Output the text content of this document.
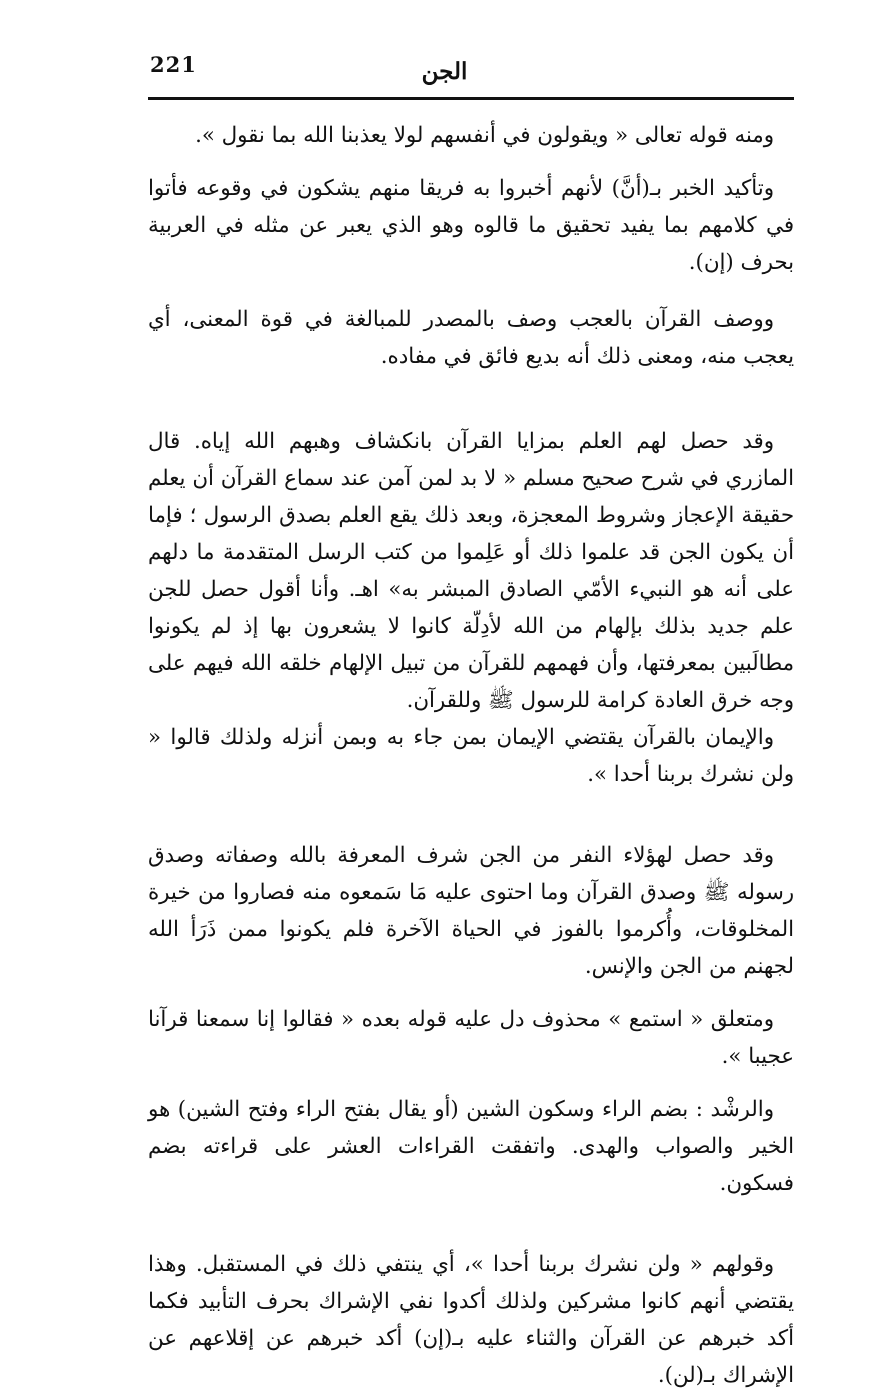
221	الجن

ومنه قوله تعالى « ويقولون في أنفسهم لولا يعذبنا الله بما نقول ».

وتأكيد الخبر بـ(أنَّ) لأنهم أخبروا به فريقا منهم يشكون في وقوعه فأتوا في كلامهم بما يفيد تحقيق ما قالوه وهو الذي يعبر عن مثله في العربية بحرف (إن).

ووصف القرآن بالعجب وصف بالمصدر للمبالغة في قوة المعنى، أي يعجب منه، ومعنى ذلك أنه بديع فائق في مفاده.

وقد حصل لهم العلم بمزايا القرآن بانكشاف وهبهم الله إياه. قال المازري في شرح صحيح مسلم « لا بد لمن آمن عند سماع القرآن أن يعلم حقيقة الإعجاز وشروط المعجزة، وبعد ذلك يقع العلم بصدق الرسول ؛ فإما أن يكون الجن قد علموا ذلك أو عَلِموا من كتب الرسل المتقدمة ما دلهم على أنه هو النبيء الأمّي الصادق المبشر به» اهـ. وأنا أقول حصل للجن علم جديد بذلك بإلهام من الله لأدِلّة كانوا لا يشعرون بها إذ لم يكونوا مطالَبين بمعرفتها، وأن فهمهم للقرآن من تبيل الإلهام خلقه الله فيهم على وجه خرق العادة كرامة للرسول ﷺ وللقرآن.

والإيمان بالقرآن يقتضي الإيمان بمن جاء به وبمن أنزله ولذلك قالوا « ولن نشرك بربنا أحدا ».

وقد حصل لهؤلاء النفر من الجن شرف المعرفة بالله وصفاته وصدق رسوله ﷺ وصدق القرآن وما احتوى عليه مَا سَمعوه منه فصاروا من خيرة المخلوقات، وأُكرموا بالفوز في الحياة الآخرة فلم يكونوا ممن ذَرَأ الله لجهنم من الجن والإنس.

ومتعلق « استمع » محذوف دل عليه قوله بعده « فقالوا إنا سمعنا قرآنا عجيبا ».

والرشْد : بضم الراء وسكون الشين (أو يقال بفتح الراء وفتح الشين) هو الخير والصواب والهدى. واتفقت القراءات العشر على قراءته بضم فسكون.

وقولهم « ولن نشرك بربنا أحدا »، أي ينتفي ذلك في المستقبل. وهذا يقتضي أنهم كانوا مشركين ولذلك أكدوا نفي الإشراك بحرف التأبيد فكما أكد خبرهم عن القرآن والثناء عليه بـ(إن) أكد خبرهم عن إقلاعهم عن الإشراك بـ(لن).
